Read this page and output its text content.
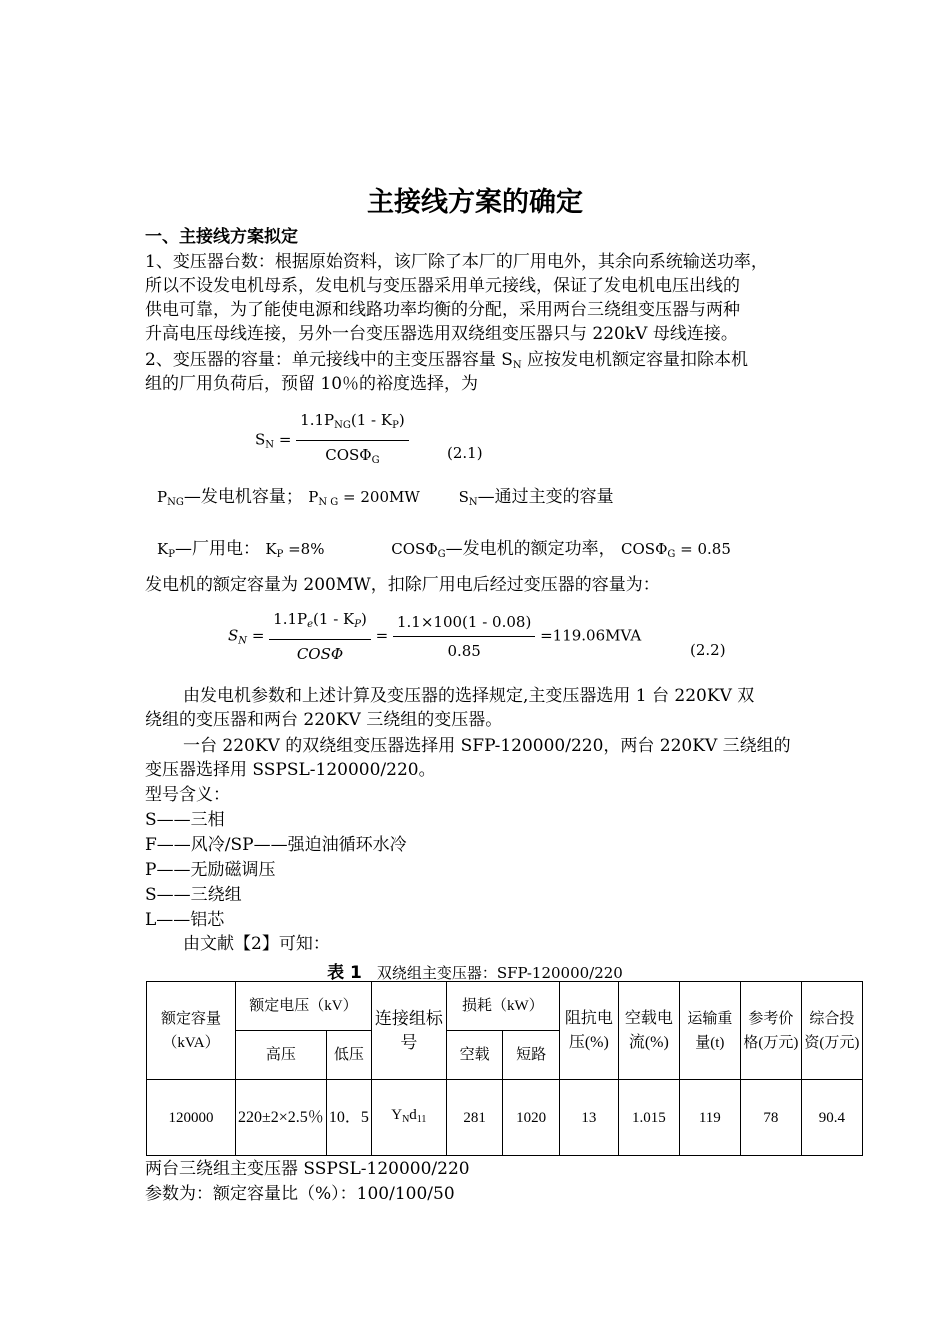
主接线方案的确定
一、主接线方案拟定
1、变压器台数：根据原始资料，该厂除了本厂的厂用电外，其余向系统输送功率，
所以不设发电机母系，发电机与变压器采用单元接线，保证了发电机电压出线的
供电可靠，为了能使电源和线路功率均衡的分配，采用两台三绕组变压器与两种
升高电压母线连接，另外一台变压器选用双绕组变压器只与 220kV 母线连接。
2、变压器的容量：单元接线中的主变压器容量 $S_N$ 应按发电机额定容量扣除本机
组的厂用负荷后，预留 10％的裕度选择，为
$S_N = \frac{1.1P_{NG}(1 - K_P)}{COS\Phi_G}$	(2.1)
$P_{NG}—$发电机容量； $P_{N G} = 200MW$	$S_N—$通过主变的容量
$K_P—$厂用电： $K_P =8\%$	$COS\Phi_G—$发电机的额定功率， $COS\Phi_G = 0.85$
发电机的额定容量为 200MW，扣除厂用电后经过变压器的容量为：
$S_N = \frac{1.1P_e(1 - K_P)}{\text{COSΦ}} = \frac{1.1\times 100(1 - 0.08)}{0.85} =119.06MVA$
(2.2)
由发电机参数和上述计算及变压器的选择规定,主变压器选用 1 台 220KV 双
绕组的变压器和两台 220KV 三绕组的变压器。
一台 220KV 的双绕组变压器选择用 SFP-120000/220，两台 220KV 三绕组的
变压器选择用 SSPSL-120000/220。
型号含义：
S——三相
F——风冷/SP——强迫油循环水冷
P——无励磁调压
S——三绕组
L——铝芯
由文献【2】可知：
表 1　双绕组主变压器：SFP-120000/220
额定容量（kVA）	额定电压（kV）		连接组标号	损耗（kW）		阻抗电压(%)	空载电流(%)	运输重量(t)	参考价格(万元)	综合投资(万元)
	高压	低压		空载	短路					
120000	220±2×2.5％	10．5	$Y_Nd_{11}$	281	1020	13	1.015	119	78	90.4
两台三绕组主变压器 SSPSL-120000/220
参数为：额定容量比（%）：100/100/50
